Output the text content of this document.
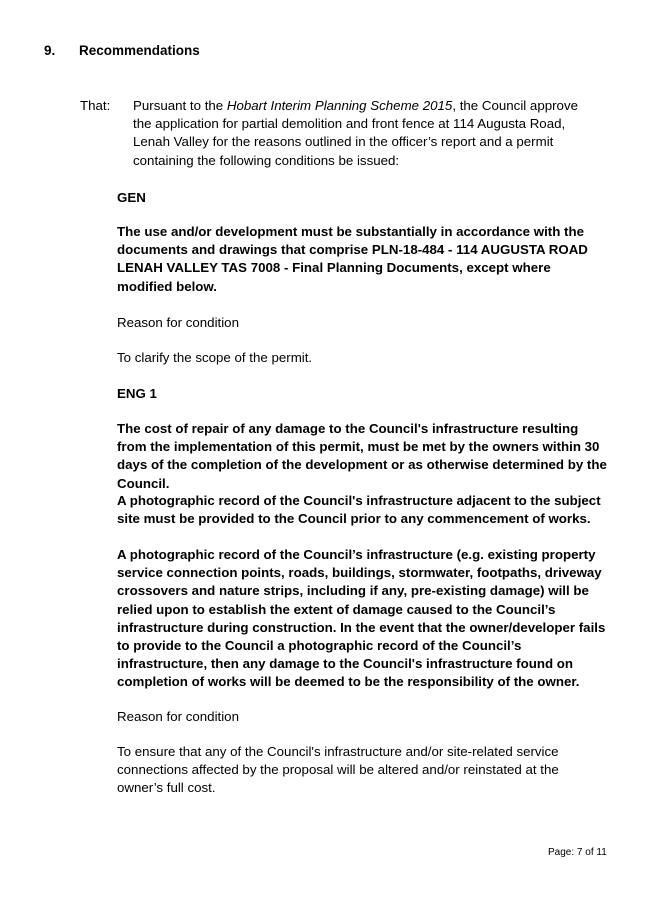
9. Recommendations
That: Pursuant to the Hobart Interim Planning Scheme 2015, the Council approve the application for partial demolition and front fence at 114 Augusta Road, Lenah Valley for the reasons outlined in the officer’s report and a permit containing the following conditions be issued:
GEN
The use and/or development must be substantially in accordance with the documents and drawings that comprise PLN-18-484 - 114 AUGUSTA ROAD LENAH VALLEY TAS 7008 - Final Planning Documents, except where modified below.
Reason for condition
To clarify the scope of the permit.
ENG 1
The cost of repair of any damage to the Council's infrastructure resulting from the implementation of this permit, must be met by the owners within 30 days of the completion of the development or as otherwise determined by the Council.
A photographic record of the Council's infrastructure adjacent to the subject site must be provided to the Council prior to any commencement of works.
A photographic record of the Council’s infrastructure (e.g. existing property service connection points, roads, buildings, stormwater, footpaths, driveway crossovers and nature strips, including if any, pre-existing damage) will be relied upon to establish the extent of damage caused to the Council’s infrastructure during construction. In the event that the owner/developer fails to provide to the Council a photographic record of the Council’s infrastructure, then any damage to the Council's infrastructure found on completion of works will be deemed to be the responsibility of the owner.
Reason for condition
To ensure that any of the Council's infrastructure and/or site-related service connections affected by the proposal will be altered and/or reinstated at the owner’s full cost.
Page: 7 of 11
